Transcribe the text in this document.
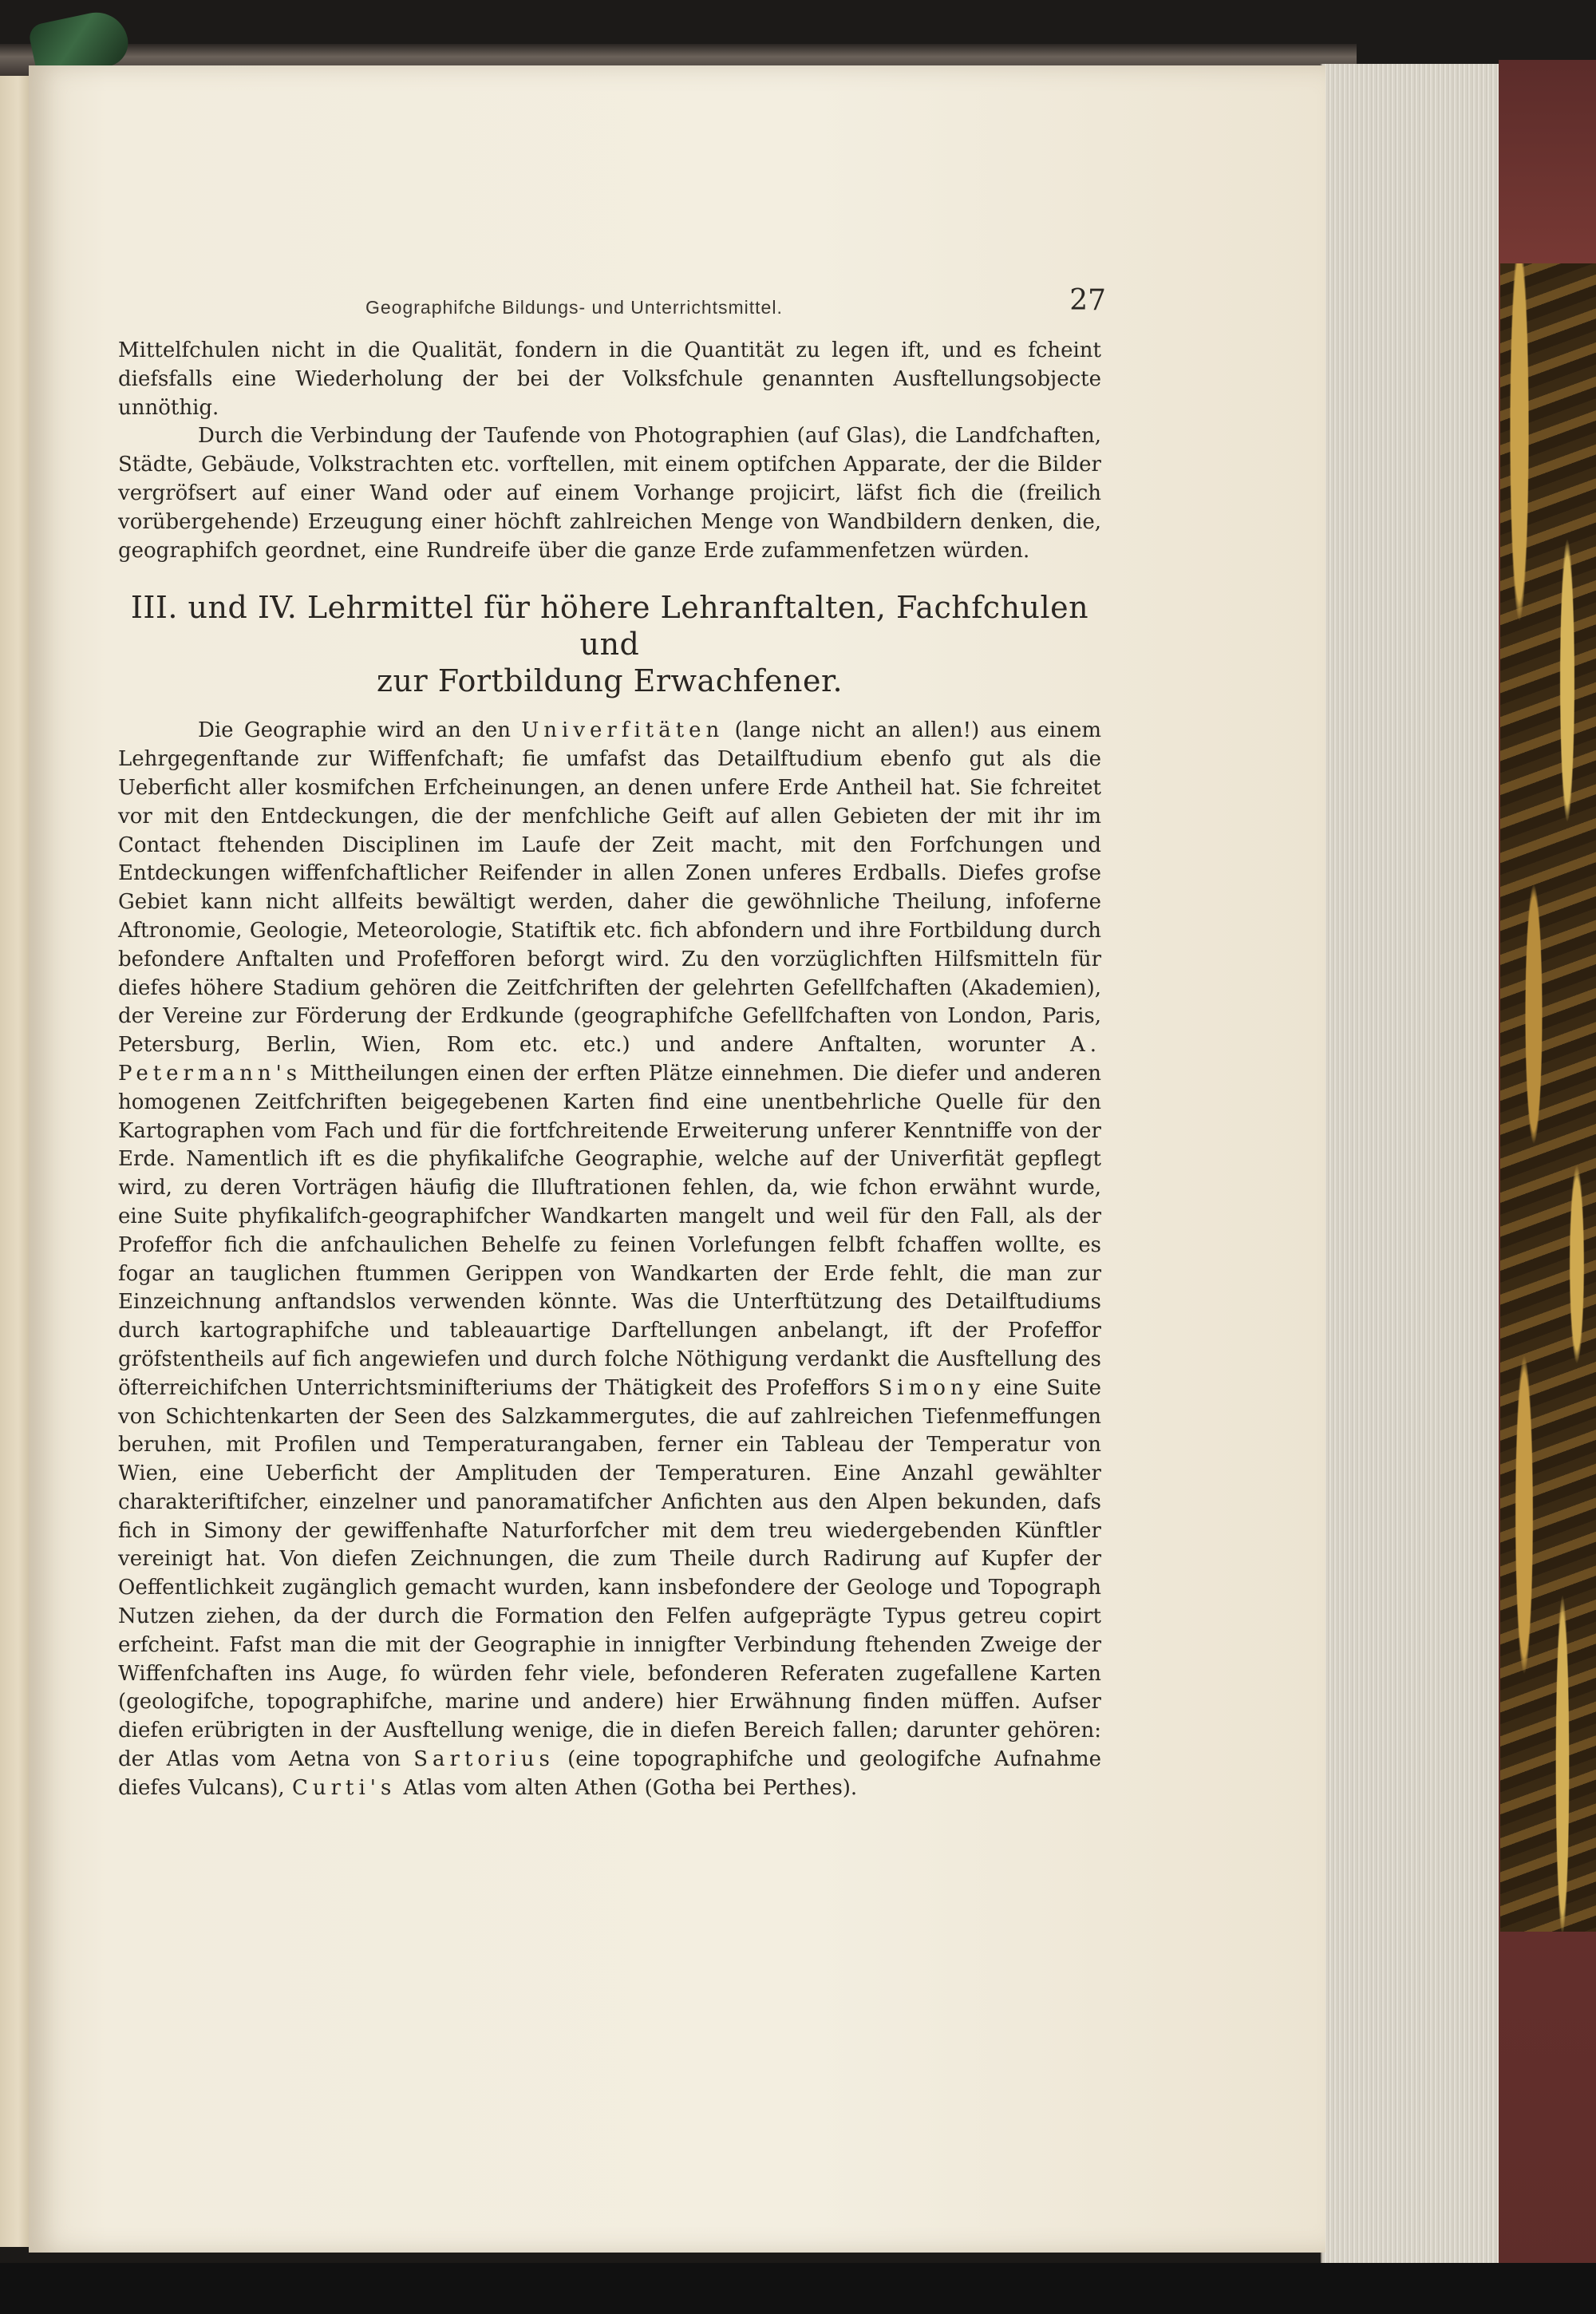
Geographifche Bildungs- und Unterrichtsmittel.	27

Mittelfchulen nicht in die Qualität, fondern in die Quantität zu legen ift, und es fcheint diefsfalls eine Wiederholung der bei der Volksfchule genannten Ausftellungsobjecte unnöthig.

Durch die Verbindung der Taufende von Photographien (auf Glas), die Landfchaften, Städte, Gebäude, Volkstrachten etc. vorftellen, mit einem optifchen Apparate, der die Bilder vergröfsert auf einer Wand oder auf einem Vorhange projicirt, läfst fich die (freilich vorübergehende) Erzeugung einer höchft zahlreichen Menge von Wandbildern denken, die, geographifch geordnet, eine Rundreife über die ganze Erde zufammenfetzen würden.

III. und IV. Lehrmittel für höhere Lehranftalten, Fachfchulen und
zur Fortbildung Erwachfener.

Die Geographie wird an den Univerfitäten (lange nicht an allen!) aus einem Lehrgegenftande zur Wiffenfchaft; fie umfafst das Detailftudium ebenfo gut als die Ueberficht aller kosmifchen Erfcheinungen, an denen unfere Erde Antheil hat. Sie fchreitet vor mit den Entdeckungen, die der menfchliche Geift auf allen Gebieten der mit ihr im Contact ftehenden Disciplinen im Laufe der Zeit macht, mit den Forfchungen und Entdeckungen wiffenfchaftlicher Reifender in allen Zonen unferes Erdballs. Diefes grofse Gebiet kann nicht allfeits bewältigt werden, daher die gewöhnliche Theilung, infoferne Aftronomie, Geologie, Meteorologie, Statiftik etc. fich abfondern und ihre Fortbildung durch befondere Anftalten und Profefforen beforgt wird. Zu den vorzüglichften Hilfsmitteln für diefes höhere Stadium gehören die Zeitfchriften der gelehrten Gefellfchaften (Akademien), der Vereine zur Förderung der Erdkunde (geographifche Gefellfchaften von London, Paris, Petersburg, Berlin, Wien, Rom etc. etc.) und andere Anftalten, worunter A. Petermann's Mittheilungen einen der erften Plätze einnehmen. Die diefer und anderen homogenen Zeitfchriften beigegebenen Karten find eine unentbehrliche Quelle für den Kartographen vom Fach und für die fortfchreitende Erweiterung unferer Kenntniffe von der Erde. Namentlich ift es die phyfikalifche Geographie, welche auf der Univerfität gepflegt wird, zu deren Vorträgen häufig die Illuftrationen fehlen, da, wie fchon erwähnt wurde, eine Suite phyfikalifch-geographifcher Wandkarten mangelt und weil für den Fall, als der Profeffor fich die anfchaulichen Behelfe zu feinen Vorlefungen felbft fchaffen wollte, es fogar an tauglichen ftummen Gerippen von Wandkarten der Erde fehlt, die man zur Einzeichnung anftandslos verwenden könnte. Was die Unterftützung des Detailftudiums durch kartographifche und tableauartige Darftellungen anbelangt, ift der Profeffor gröfstentheils auf fich angewiefen und durch folche Nöthigung verdankt die Ausftellung des öfterreichifchen Unterrichtsminifteriums der Thätigkeit des Profeffors Simony eine Suite von Schichtenkarten der Seen des Salzkammergutes, die auf zahlreichen Tiefenmeffungen beruhen, mit Profilen und Temperaturangaben, ferner ein Tableau der Temperatur von Wien, eine Ueberficht der Amplituden der Temperaturen. Eine Anzahl gewählter charakteriftifcher, einzelner und panoramatifcher Anfichten aus den Alpen bekunden, dafs fich in Simony der gewiffenhafte Naturforfcher mit dem treu wiedergebenden Künftler vereinigt hat. Von diefen Zeichnungen, die zum Theile durch Radirung auf Kupfer der Oeffentlichkeit zugänglich gemacht wurden, kann insbefondere der Geologe und Topograph Nutzen ziehen, da der durch die Formation den Felfen aufgeprägte Typus getreu copirt erfcheint. Fafst man die mit der Geographie in innigfter Verbindung ftehenden Zweige der Wiffenfchaften ins Auge, fo würden fehr viele, befonderen Referaten zugefallene Karten (geologifche, topographifche, marine und andere) hier Erwähnung finden müffen. Aufser diefen erübrigten in der Ausftellung wenige, die in diefen Bereich fallen; darunter gehören: der Atlas vom Aetna von Sartorius (eine topographifche und geologifche Aufnahme diefes Vulcans), Curti's Atlas vom alten Athen (Gotha bei Perthes).
